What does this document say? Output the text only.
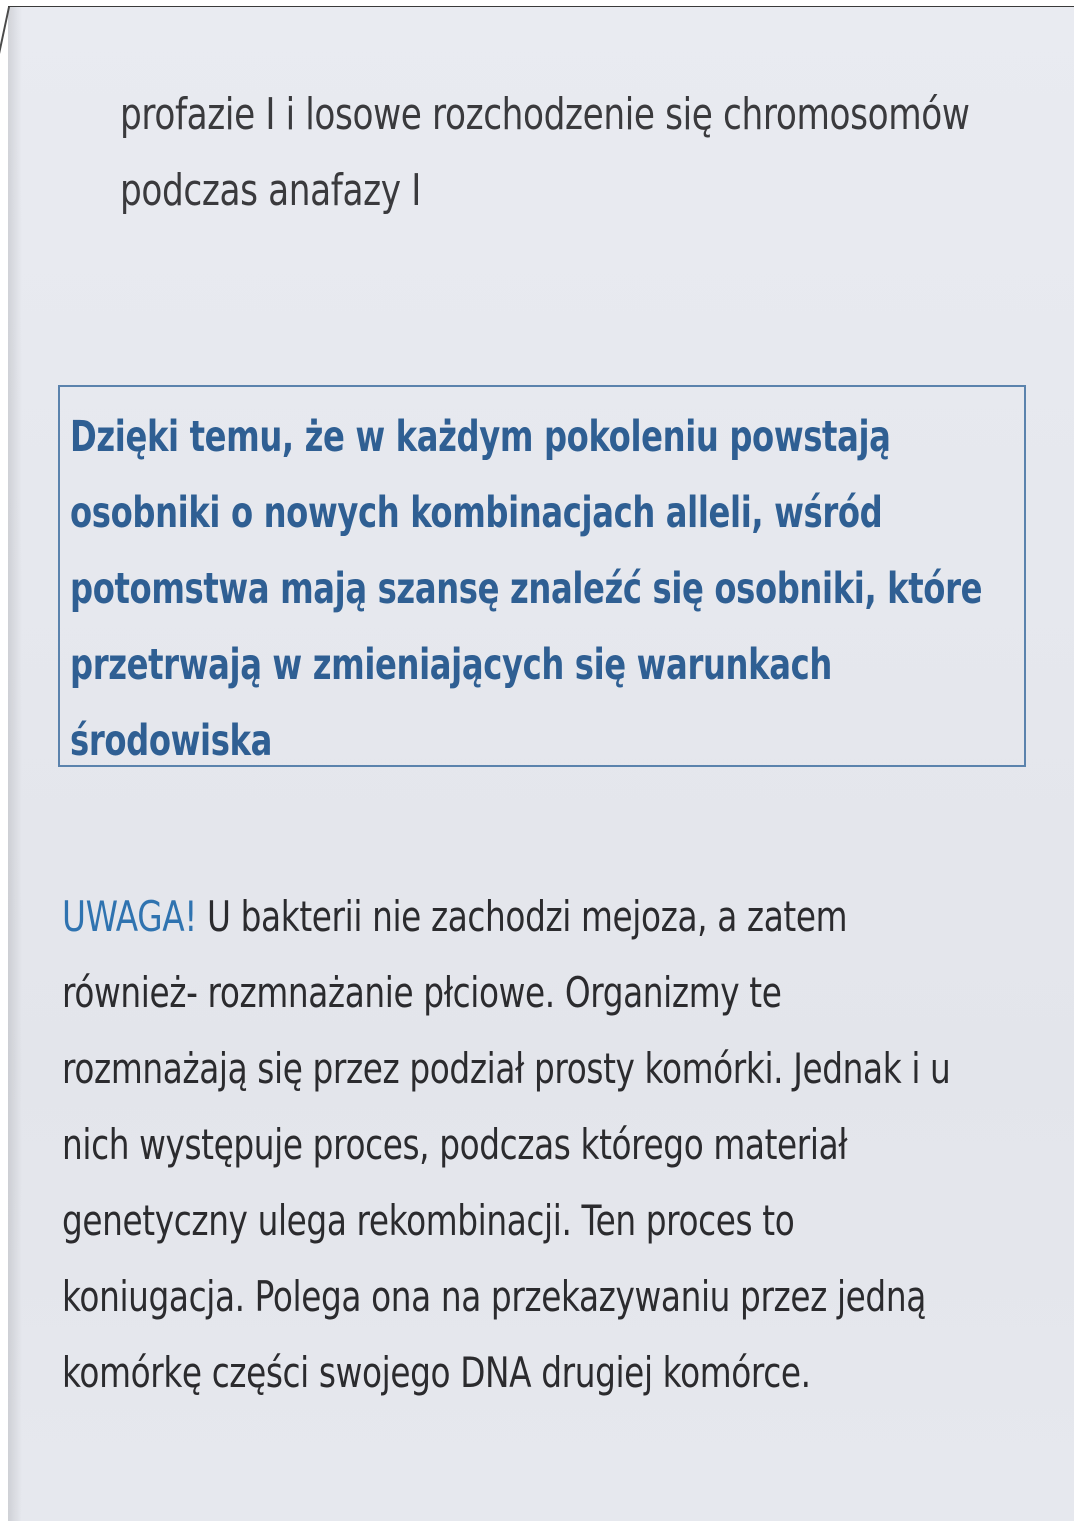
profazie I i losowe rozchodzenie się chromosomów
podczas anafazy I
Dzięki temu, że w każdym pokoleniu powstają
osobniki o nowych kombinacjach alleli, wśród
potomstwa mają szansę znaleźć się osobniki, które
przetrwają w zmieniających się warunkach
środowiska
UWAGA! U bakterii nie zachodzi mejoza, a zatem
również- rozmnażanie płciowe. Organizmy te
rozmnażają się przez podział prosty komórki. Jednak i u
nich występuje proces, podczas którego materiał
genetyczny ulega rekombinacji. Ten proces to
koniugacja. Polega ona na przekazywaniu przez jedną
komórkę części swojego DNA drugiej komórce.
